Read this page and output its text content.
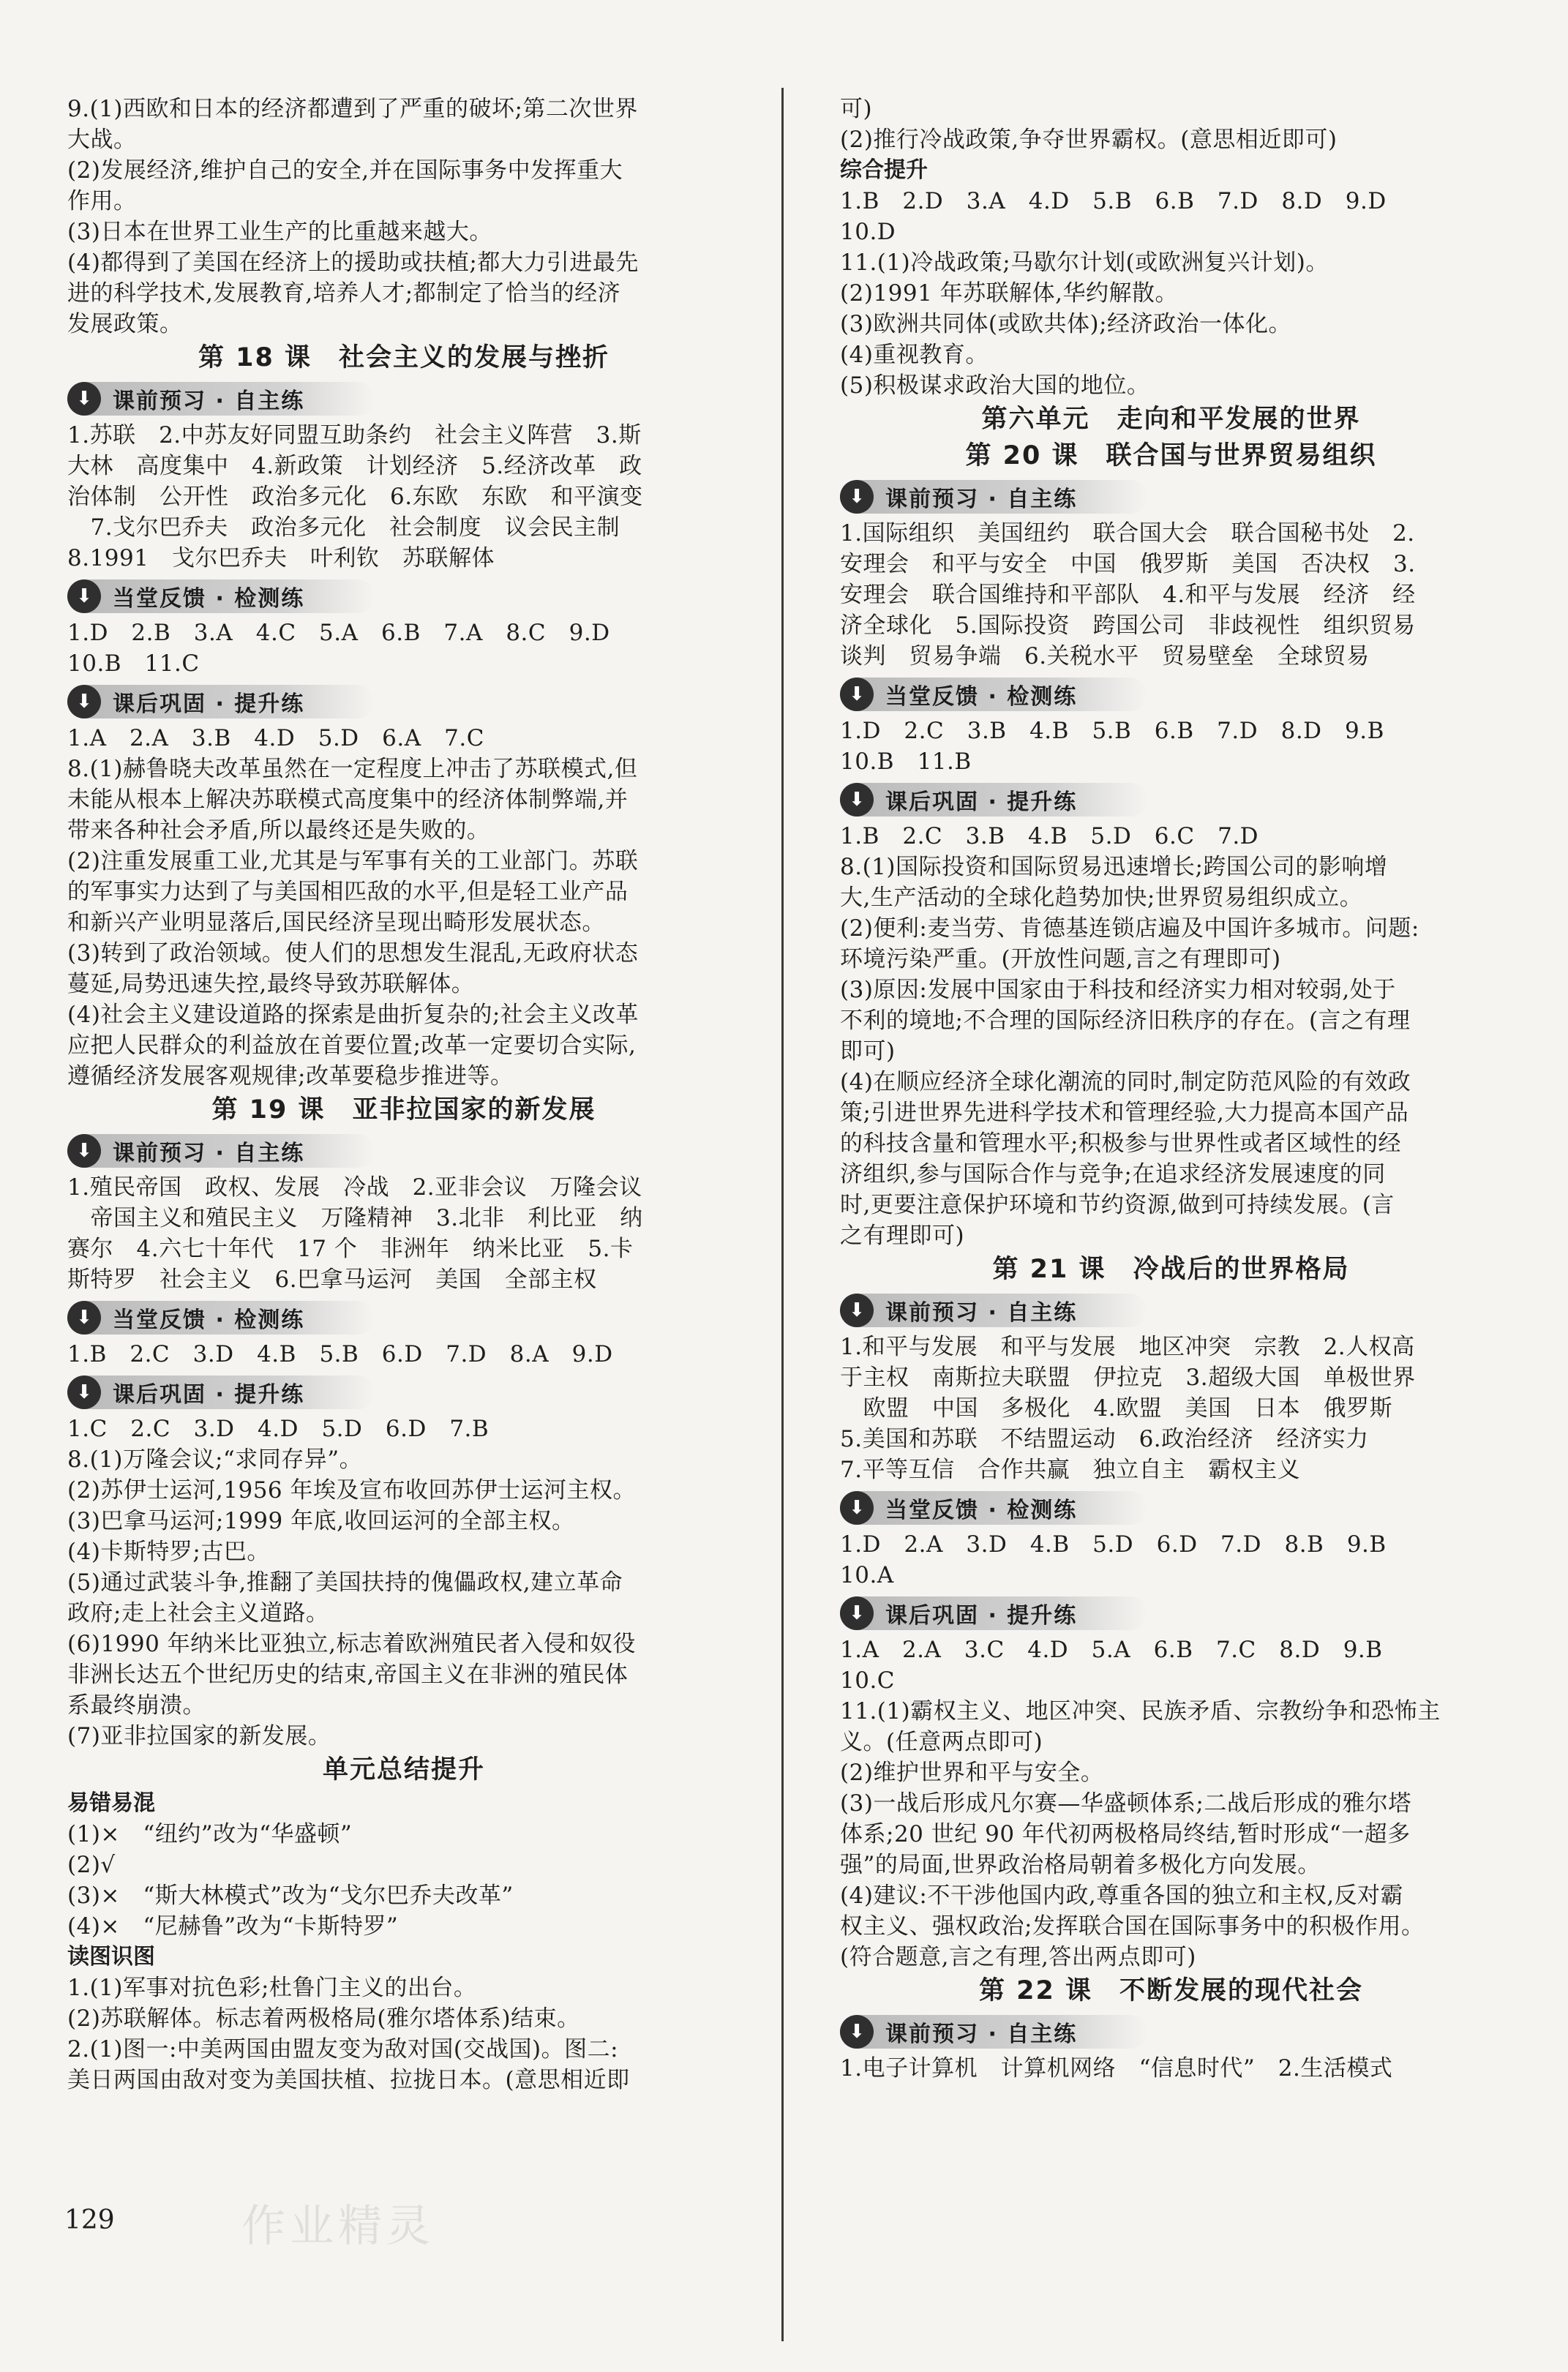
9.(1)西欧和日本的经济都遭到了严重的破坏;第二次世界
大战。
(2)发展经济,维护自己的安全,并在国际事务中发挥重大
作用。
(3)日本在世界工业生产的比重越来越大。
(4)都得到了美国在经济上的援助或扶植;都大力引进最先
进的科学技术,发展教育,培养人才;都制定了恰当的经济
发展政策。
第 18 课　社会主义的发展与挫折
⬇ 课前预习 · 自主练
1.苏联　2.中苏友好同盟互助条约　社会主义阵营　3.斯
大林　高度集中　4.新政策　计划经济　5.经济改革　政
治体制　公开性　政治多元化　6.东欧　东欧　和平演变
　7.戈尔巴乔夫　政治多元化　社会制度　议会民主制
8.1991　戈尔巴乔夫　叶利钦　苏联解体
⬇ 当堂反馈 · 检测练
1.D　2.B　3.A　4.C　5.A　6.B　7.A　8.C　9.D
10.B　11.C
⬇ 课后巩固 · 提升练
1.A　2.A　3.B　4.D　5.D　6.A　7.C
8.(1)赫鲁晓夫改革虽然在一定程度上冲击了苏联模式,但
未能从根本上解决苏联模式高度集中的经济体制弊端,并
带来各种社会矛盾,所以最终还是失败的。
(2)注重发展重工业,尤其是与军事有关的工业部门。苏联
的军事实力达到了与美国相匹敌的水平,但是轻工业产品
和新兴产业明显落后,国民经济呈现出畸形发展状态。
(3)转到了政治领域。使人们的思想发生混乱,无政府状态
蔓延,局势迅速失控,最终导致苏联解体。
(4)社会主义建设道路的探索是曲折复杂的;社会主义改革
应把人民群众的利益放在首要位置;改革一定要切合实际,
遵循经济发展客观规律;改革要稳步推进等。
第 19 课　亚非拉国家的新发展
⬇ 课前预习 · 自主练
1.殖民帝国　政权、发展　冷战　2.亚非会议　万隆会议
　帝国主义和殖民主义　万隆精神　3.北非　利比亚　纳
赛尔　4.六七十年代　17 个　非洲年　纳米比亚　5.卡
斯特罗　社会主义　6.巴拿马运河　美国　全部主权
⬇ 当堂反馈 · 检测练
1.B　2.C　3.D　4.B　5.B　6.D　7.D　8.A　9.D
⬇ 课后巩固 · 提升练
1.C　2.C　3.D　4.D　5.D　6.D　7.B
8.(1)万隆会议;“求同存异”。
(2)苏伊士运河,1956 年埃及宣布收回苏伊士运河主权。
(3)巴拿马运河;1999 年底,收回运河的全部主权。
(4)卡斯特罗;古巴。
(5)通过武装斗争,推翻了美国扶持的傀儡政权,建立革命
政府;走上社会主义道路。
(6)1990 年纳米比亚独立,标志着欧洲殖民者入侵和奴役
非洲长达五个世纪历史的结束,帝国主义在非洲的殖民体
系最终崩溃。
(7)亚非拉国家的新发展。
单元总结提升
易错易混
(1)×　“纽约”改为“华盛顿”
(2)√
(3)×　“斯大林模式”改为“戈尔巴乔夫改革”
(4)×　“尼赫鲁”改为“卡斯特罗”
读图识图
1.(1)军事对抗色彩;杜鲁门主义的出台。
(2)苏联解体。标志着两极格局(雅尔塔体系)结束。
2.(1)图一:中美两国由盟友变为敌对国(交战国)。图二:
美日两国由敌对变为美国扶植、拉拢日本。(意思相近即
可)
(2)推行冷战政策,争夺世界霸权。(意思相近即可)
综合提升
1.B　2.D　3.A　4.D　5.B　6.B　7.D　8.D　9.D
10.D
11.(1)冷战政策;马歇尔计划(或欧洲复兴计划)。
(2)1991 年苏联解体,华约解散。
(3)欧洲共同体(或欧共体);经济政治一体化。
(4)重视教育。
(5)积极谋求政治大国的地位。
第六单元　走向和平发展的世界
第 20 课　联合国与世界贸易组织
⬇ 课前预习 · 自主练
1.国际组织　美国纽约　联合国大会　联合国秘书处　2.
安理会　和平与安全　中国　俄罗斯　美国　否决权　3.
安理会　联合国维持和平部队　4.和平与发展　经济　经
济全球化　5.国际投资　跨国公司　非歧视性　组织贸易
谈判　贸易争端　6.关税水平　贸易壁垒　全球贸易
⬇ 当堂反馈 · 检测练
1.D　2.C　3.B　4.B　5.B　6.B　7.D　8.D　9.B
10.B　11.B
⬇ 课后巩固 · 提升练
1.B　2.C　3.B　4.B　5.D　6.C　7.D
8.(1)国际投资和国际贸易迅速增长;跨国公司的影响增
大,生产活动的全球化趋势加快;世界贸易组织成立。
(2)便利:麦当劳、肯德基连锁店遍及中国许多城市。问题:
环境污染严重。(开放性问题,言之有理即可)
(3)原因:发展中国家由于科技和经济实力相对较弱,处于
不利的境地;不合理的国际经济旧秩序的存在。(言之有理
即可)
(4)在顺应经济全球化潮流的同时,制定防范风险的有效政
策;引进世界先进科学技术和管理经验,大力提高本国产品
的科技含量和管理水平;积极参与世界性或者区域性的经
济组织,参与国际合作与竞争;在追求经济发展速度的同
时,更要注意保护环境和节约资源,做到可持续发展。(言
之有理即可)
第 21 课　冷战后的世界格局
⬇ 课前预习 · 自主练
1.和平与发展　和平与发展　地区冲突　宗教　2.人权高
于主权　南斯拉夫联盟　伊拉克　3.超级大国　单极世界
　欧盟　中国　多极化　4.欧盟　美国　日本　俄罗斯
5.美国和苏联　不结盟运动　6.政治经济　经济实力
7.平等互信　合作共赢　独立自主　霸权主义
⬇ 当堂反馈 · 检测练
1.D　2.A　3.D　4.B　5.D　6.D　7.D　8.B　9.B
10.A
⬇ 课后巩固 · 提升练
1.A　2.A　3.C　4.D　5.A　6.B　7.C　8.D　9.B
10.C
11.(1)霸权主义、地区冲突、民族矛盾、宗教纷争和恐怖主
义。(任意两点即可)
(2)维护世界和平与安全。
(3)一战后形成凡尔赛—华盛顿体系;二战后形成的雅尔塔
体系;20 世纪 90 年代初两极格局终结,暂时形成“一超多
强”的局面,世界政治格局朝着多极化方向发展。
(4)建议:不干涉他国内政,尊重各国的独立和主权,反对霸
权主义、强权政治;发挥联合国在国际事务中的积极作用。
(符合题意,言之有理,答出两点即可)
第 22 课　不断发展的现代社会
⬇ 课前预习 · 自主练
1.电子计算机　计算机网络　“信息时代”　2.生活模式
作业精灵
129
